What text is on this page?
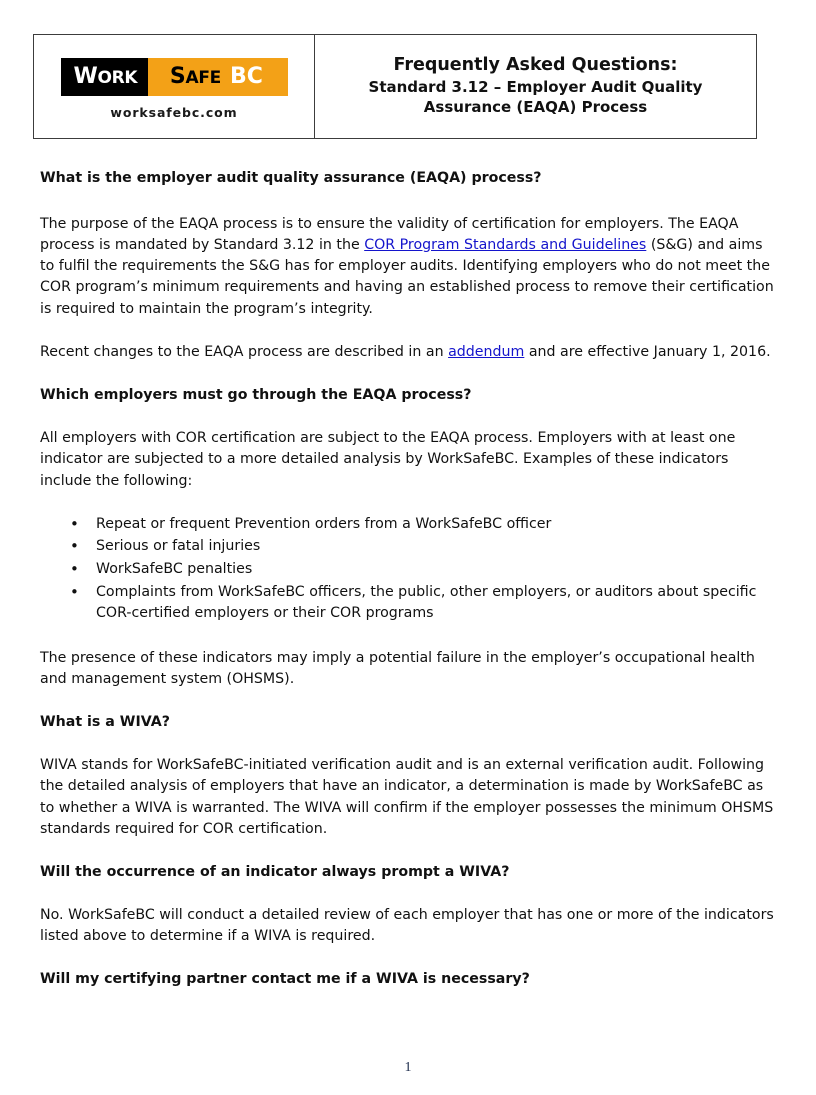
WORK SAFE BC
worksafebc.com
Frequently Asked Questions:
Standard 3.12 – Employer Audit Quality
Assurance (EAQA) Process

What is the employer audit quality assurance (EAQA) process?

The purpose of the EAQA process is to ensure the validity of certification for employers. The EAQA process is mandated by Standard 3.12 in the COR Program Standards and Guidelines (S&G) and aims to fulfil the requirements the S&G has for employer audits. Identifying employers who do not meet the COR program’s minimum requirements and having an established process to remove their certification is required to maintain the program’s integrity.

Recent changes to the EAQA process are described in an addendum and are effective January 1, 2016.

Which employers must go through the EAQA process?

All employers with COR certification are subject to the EAQA process. Employers with at least one indicator are subjected to a more detailed analysis by WorkSafeBC. Examples of these indicators include the following:

• Repeat or frequent Prevention orders from a WorkSafeBC officer
• Serious or fatal injuries
• WorkSafeBC penalties
• Complaints from WorkSafeBC officers, the public, other employers, or auditors about specific COR-certified employers or their COR programs

The presence of these indicators may imply a potential failure in the employer’s occupational health and management system (OHSMS).

What is a WIVA?

WIVA stands for WorkSafeBC-initiated verification audit and is an external verification audit. Following the detailed analysis of employers that have an indicator, a determination is made by WorkSafeBC as to whether a WIVA is warranted. The WIVA will confirm if the employer possesses the minimum OHSMS standards required for COR certification.

Will the occurrence of an indicator always prompt a WIVA?

No. WorkSafeBC will conduct a detailed review of each employer that has one or more of the indicators listed above to determine if a WIVA is required.

Will my certifying partner contact me if a WIVA is necessary?

1
